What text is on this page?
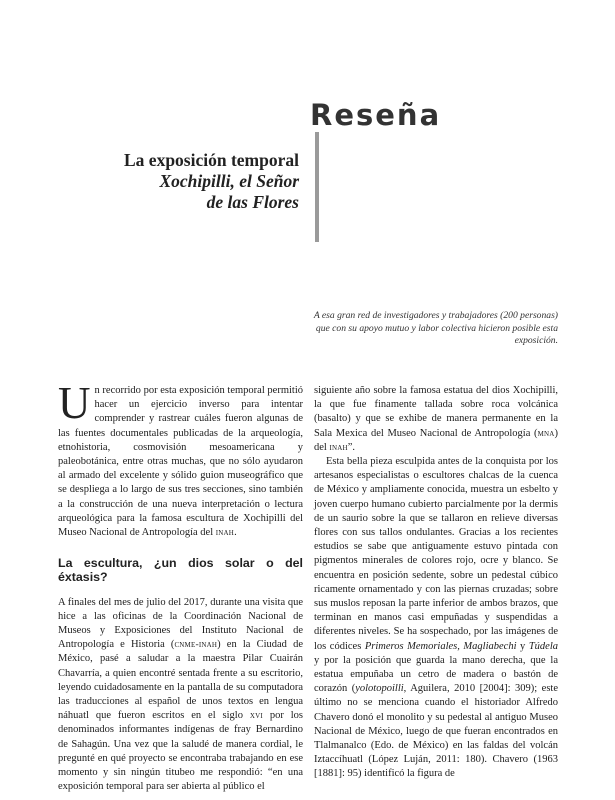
Reseña
La exposición temporal
Xochipilli, el Señor
de las Flores
A esa gran red de investigadores y trabajadores (200 personas) que con su apoyo mutuo y labor colectiva hicieron posible esta exposición.

Un recorrido por esta exposición temporal permitió hacer un ejercicio inverso para intentar comprender y rastrear cuáles fueron algunas de las fuentes documentales publicadas de la arqueología, etnohistoria, cosmovisión mesoamericana y paleobotánica, entre otras muchas, que no sólo ayudaron al armado del excelente y sólido guion museográfico que se despliega a lo largo de sus tres secciones, sino también a la construcción de una nueva interpretación o lectura arqueológica para la famosa escultura de Xochipilli del Museo Nacional de Antropología del inah.

La escultura, ¿un dios solar o del éxtasis?

A finales del mes de julio del 2017, durante una visita que hice a las oficinas de la Coordinación Nacional de Museos y Exposiciones del Instituto Nacional de Antropología e Historia (cnme-inah) en la Ciudad de México, pasé a saludar a la maestra Pilar Cuairán Chavarría, a quien encontré sentada frente a su escritorio, leyendo cuidadosamente en la pantalla de su computadora las traducciones al español de unos textos en lengua náhuatl que fueron escritos en el siglo xvi por los denominados informantes indígenas de fray Bernardino de Sahagún. Una vez que la saludé de manera cordial, le pregunté en qué proyecto se encontraba trabajando en ese momento y sin ningún titubeo me respondió: “en una exposición temporal para ser abierta al público el

siguiente año sobre la famosa estatua del dios Xochipilli, la que fue finamente tallada sobre roca volcánica (basalto) y que se exhibe de manera permanente en la Sala Mexica del Museo Nacional de Antropología (mna) del inah”.

Esta bella pieza esculpida antes de la conquista por los artesanos especialistas o escultores chalcas de la cuenca de México y ampliamente conocida, muestra un esbelto y joven cuerpo humano cubierto parcialmente por la dermis de un saurio sobre la que se tallaron en relieve diversas flores con sus tallos ondulantes. Gracias a los recientes estudios se sabe que antiguamente estuvo pintada con pigmentos minerales de colores rojo, ocre y blanco. Se encuentra en posición sedente, sobre un pedestal cúbico ricamente ornamentado y con las piernas cruzadas; sobre sus muslos reposan la parte inferior de ambos brazos, que terminan en manos casi empuñadas y suspendidas a diferentes niveles. Se ha sospechado, por las imágenes de los códices Primeros Memoriales, Magliabechi y Túdela y por la posición que guarda la mano derecha, que la estatua empuñaba un cetro de madera o bastón de corazón (yolotopoilli, Aguilera, 2010 [2004]: 309); este último no se menciona cuando el historiador Alfredo Chavero donó el monolito y su pedestal al antiguo Museo Nacional de México, luego de que fueran encontrados en Tlalmanalco (Edo. de México) en las faldas del volcán Iztaccíhuatl (López Luján, 2011: 180). Chavero (1963 [1881]: 95) identificó la figura de
